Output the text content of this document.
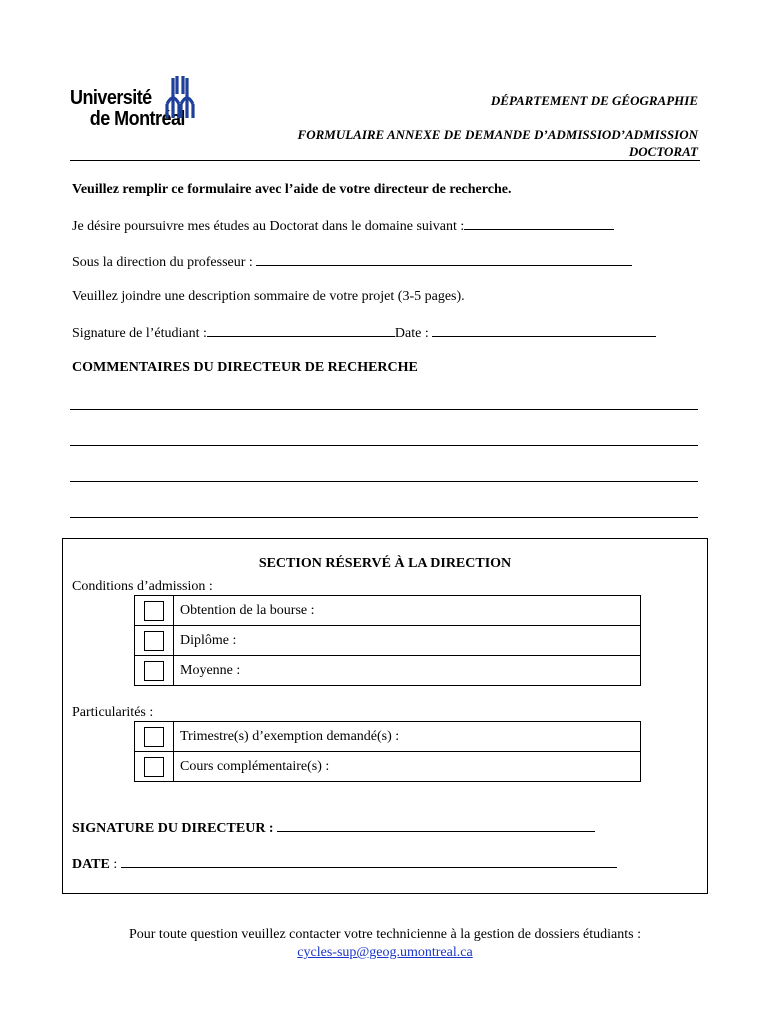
Université
de Montréal
DÉPARTEMENT DE GÉOGRAPHIE
FORMULAIRE ANNEXE DE DEMANDE D’ADMISSIOD’ADMISSION
DOCTORAT
Veuillez remplir ce formulaire avec l’aide de votre directeur de recherche.
Je désire poursuivre mes études au Doctorat dans le domaine suivant :
Sous la direction du professeur :
Veuillez joindre une description sommaire de votre projet (3-5 pages).
Signature de l’étudiant :	Date :
COMMENTAIRES DU DIRECTEUR DE RECHERCHE
SECTION RÉSERVÉ À LA DIRECTION
Conditions d’admission :
	Obtention de la bourse :
	Diplôme :
	Moyenne :
Particularités :
	Trimestre(s) d’exemption demandé(s) :
	Cours complémentaire(s) :
SIGNATURE DU DIRECTEUR :
DATE :
Pour toute question veuillez contacter votre technicienne à la gestion de dossiers étudiants :
cycles-sup@geog.umontreal.ca
